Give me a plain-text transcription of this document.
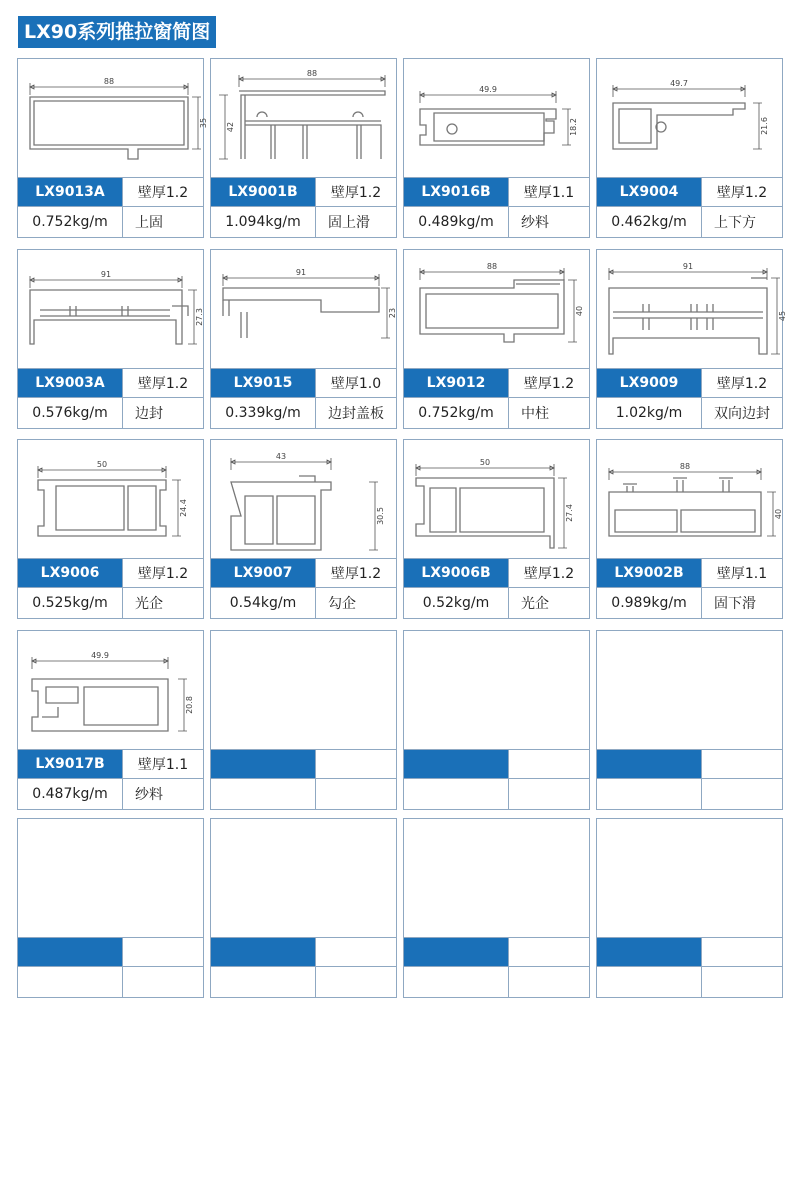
LX90系列推拉窗简图
88
35
LX9013A	壁厚1.2
0.752kg/m	上固
88
42
LX9001B	壁厚1.2
1.094kg/m	固上滑
49.9
18.2
LX9016B	壁厚1.1
0.489kg/m	纱料
49.7
21.6
LX9004	壁厚1.2
0.462kg/m	上下方
91
27.3
LX9003A	壁厚1.2
0.576kg/m	边封
91
23
LX9015	壁厚1.0
0.339kg/m	边封盖板
88
40
LX9012	壁厚1.2
0.752kg/m	中柱
91
45
LX9009	壁厚1.2
1.02kg/m	双向边封
50
24.4
LX9006	壁厚1.2
0.525kg/m	光企
43
30.5
LX9007	壁厚1.2
0.54kg/m	勾企
50
27.4
LX9006B	壁厚1.2
0.52kg/m	光企
88
40
LX9002B	壁厚1.1
0.989kg/m	固下滑
49.9
20.8
LX9017B	壁厚1.1
0.487kg/m	纱料
